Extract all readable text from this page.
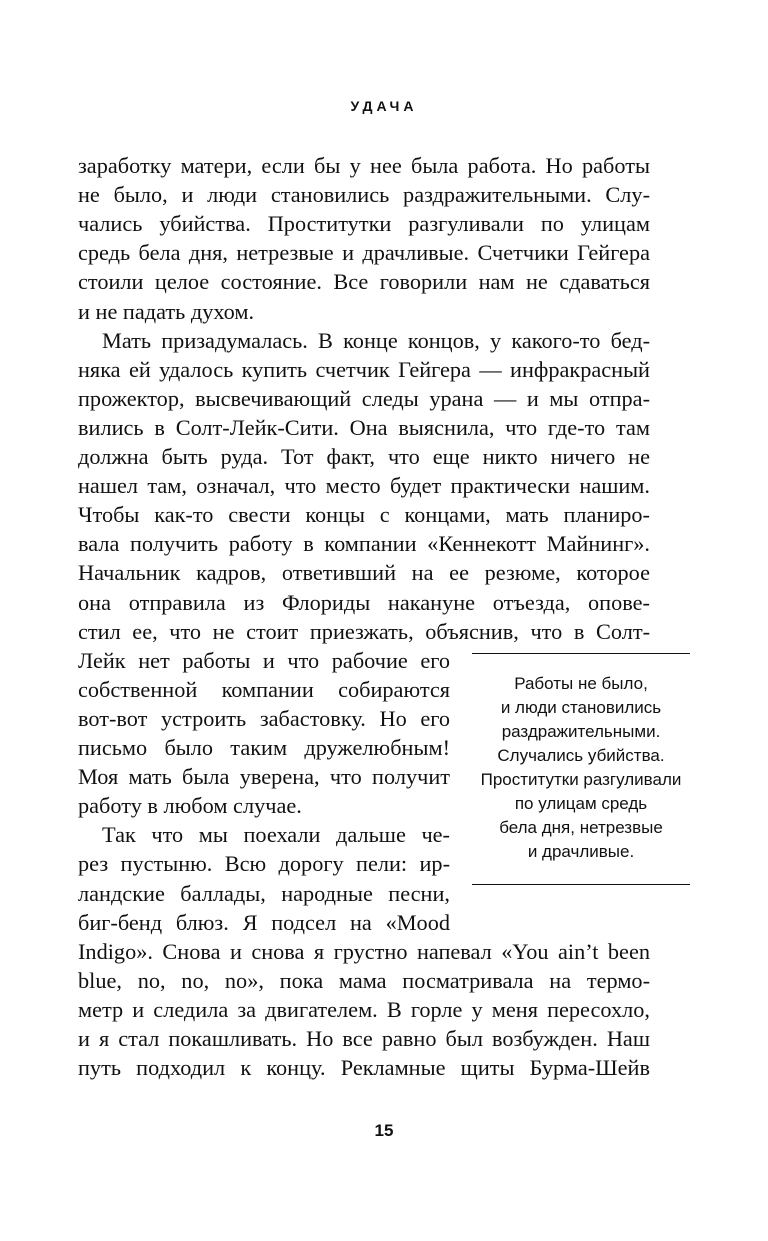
УДАЧА
заработку матери, если бы у нее была работа. Но работы
не было, и люди становились раздражительными. Слу-
чались убийства. Проститутки разгуливали по улицам
средь бела дня, нетрезвые и драчливые. Счетчики Гейгера
стоили целое состояние. Все говорили нам не сдаваться
и не падать духом.
Мать призадумалась. В конце концов, у какого-то бед-
няка ей удалось купить счетчик Гейгера — инфракрасный
прожектор, высвечивающий следы урана — и мы отпра-
вились в Солт-Лейк-Сити. Она выяснила, что где-то там
должна быть руда. Тот факт, что еще никто ничего не
нашел там, означал, что место будет практически нашим.
Чтобы как-то свести концы с концами, мать планиро-
вала получить работу в компании «Кеннекотт Майнинг».
Начальник кадров, ответивший на ее резюме, которое
она отправила из Флориды накануне отъезда, опове-
стил ее, что не стоит приезжать, объяснив, что в Солт-
Работы не было,
и люди становились
раздражительными.
Случались убийства.
Проститутки разгуливали
по улицам средь
бела дня, нетрезвые
и драчливые.
Лейк нет работы и что рабочие его
собственной компании собираются
вот-вот устроить забастовку. Но его
письмо было таким дружелюбным!
Моя мать была уверена, что получит
работу в любом случае.
Так что мы поехали дальше че-
рез пустыню. Всю дорогу пели: ир-
ландские баллады, народные песни,
биг-бенд блюз. Я подсел на «Mood
Indigo». Снова и снова я грустно напевал «You ain’t been
blue, no, no, no», пока мама посматривала на термо-
метр и следила за двигателем. В горле у меня пересохло,
и я стал покашливать. Но все равно был возбужден. Наш
путь подходил к концу. Рекламные щиты Бурма-Шейв
15
